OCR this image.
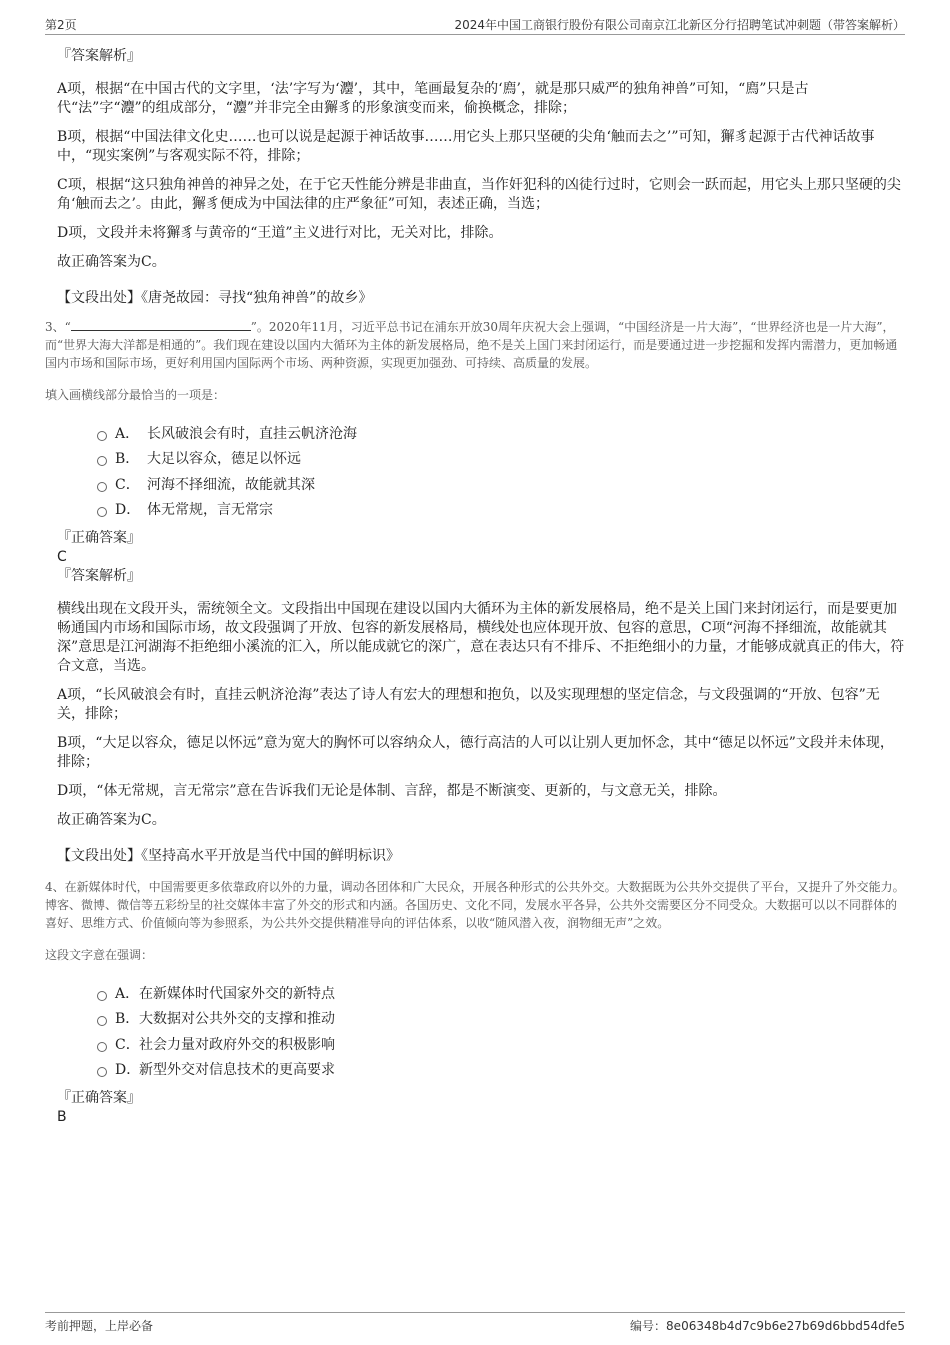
第2页	2024年中国工商银行股份有限公司南京江北新区分行招聘笔试冲刺题（带答案解析）
『答案解析』

A项，根据“在中国古代的文字里，‘法’字写为‘灋’，其中，笔画最复杂的‘廌’，就是那只威严的独角神兽”可知，“廌”只是古代“法”字“灋”的组成部分，“灋”并非完全由獬豸的形象演变而来，偷换概念，排除；

B项，根据“中国法律文化史……也可以说是起源于神话故事……用它头上那只坚硬的尖角‘触而去之’”可知，獬豸起源于古代神话故事中，“现实案例”与客观实际不符，排除；

C项，根据“这只独角神兽的神异之处，在于它天性能分辨是非曲直，当作奸犯科的凶徒行过时，它则会一跃而起，用它头上那只坚硬的尖角‘触而去之’。由此，獬豸便成为中国法律的庄严象征”可知，表述正确，当选；

D项，文段并未将獬豸与黄帝的“王道”主义进行对比，无关对比，排除。

故正确答案为C。

【文段出处】《唐尧故园：寻找“独角神兽”的故乡》
3、“	”。2020年11月，习近平总书记在浦东开放30周年庆祝大会上强调，“中国经济是一片大海”，“世界经济也是一片大海”，而“世界大海大洋都是相通的”。我们现在建设以国内大循环为主体的新发展格局，绝不是关上国门来封闭运行，而是要通过进一步挖掘和发挥内需潜力，更加畅通国内市场和国际市场，更好利用国内国际两个市场、两种资源，实现更加强劲、可持续、高质量的发展。
填入画横线部分最恰当的一项是：
A． 长风破浪会有时，直挂云帆济沧海
B． 大足以容众，德足以怀远
C． 河海不择细流，故能就其深
D． 体无常规，言无常宗
『正确答案』
C
『答案解析』

横线出现在文段开头，需统领全文。文段指出中国现在建设以国内大循环为主体的新发展格局，绝不是关上国门来封闭运行，而是要更加畅通国内市场和国际市场，故文段强调了开放、包容的新发展格局，横线处也应体现开放、包容的意思，C项“河海不择细流，故能就其深”意思是江河湖海不拒绝细小溪流的汇入，所以能成就它的深广，意在表达只有不排斥、不拒绝细小的力量，才能够成就真正的伟大，符合文意，当选。

A项，“长风破浪会有时，直挂云帆济沧海”表达了诗人有宏大的理想和抱负，以及实现理想的坚定信念，与文段强调的“开放、包容”无关，排除；

B项，“大足以容众，德足以怀远”意为宽大的胸怀可以容纳众人，德行高洁的人可以让别人更加怀念，其中“德足以怀远”文段并未体现，排除；

D项，“体无常规，言无常宗”意在告诉我们无论是体制、言辞，都是不断演变、更新的，与文意无关，排除。

故正确答案为C。

【文段出处】《坚持高水平开放是当代中国的鲜明标识》
4、在新媒体时代，中国需要更多依靠政府以外的力量，调动各团体和广大民众，开展各种形式的公共外交。大数据既为公共外交提供了平台，又提升了外交能力。博客、微博、微信等五彩纷呈的社交媒体丰富了外交的形式和内涵。各国历史、文化不同，发展水平各异，公共外交需要区分不同受众。大数据可以以不同群体的喜好、思维方式、价值倾向等为参照系，为公共外交提供精准导向的评估体系，以收“随风潜入夜，润物细无声”之效。
这段文字意在强调：
A． 在新媒体时代国家外交的新特点
B． 大数据对公共外交的支撑和推动
C． 社会力量对政府外交的积极影响
D．
新型外交对信息技术的更高要求
『正确答案』
B
考前押题，上岸必备	编号：8e06348b4d7c9b6e27b69d6bbd54dfe5
